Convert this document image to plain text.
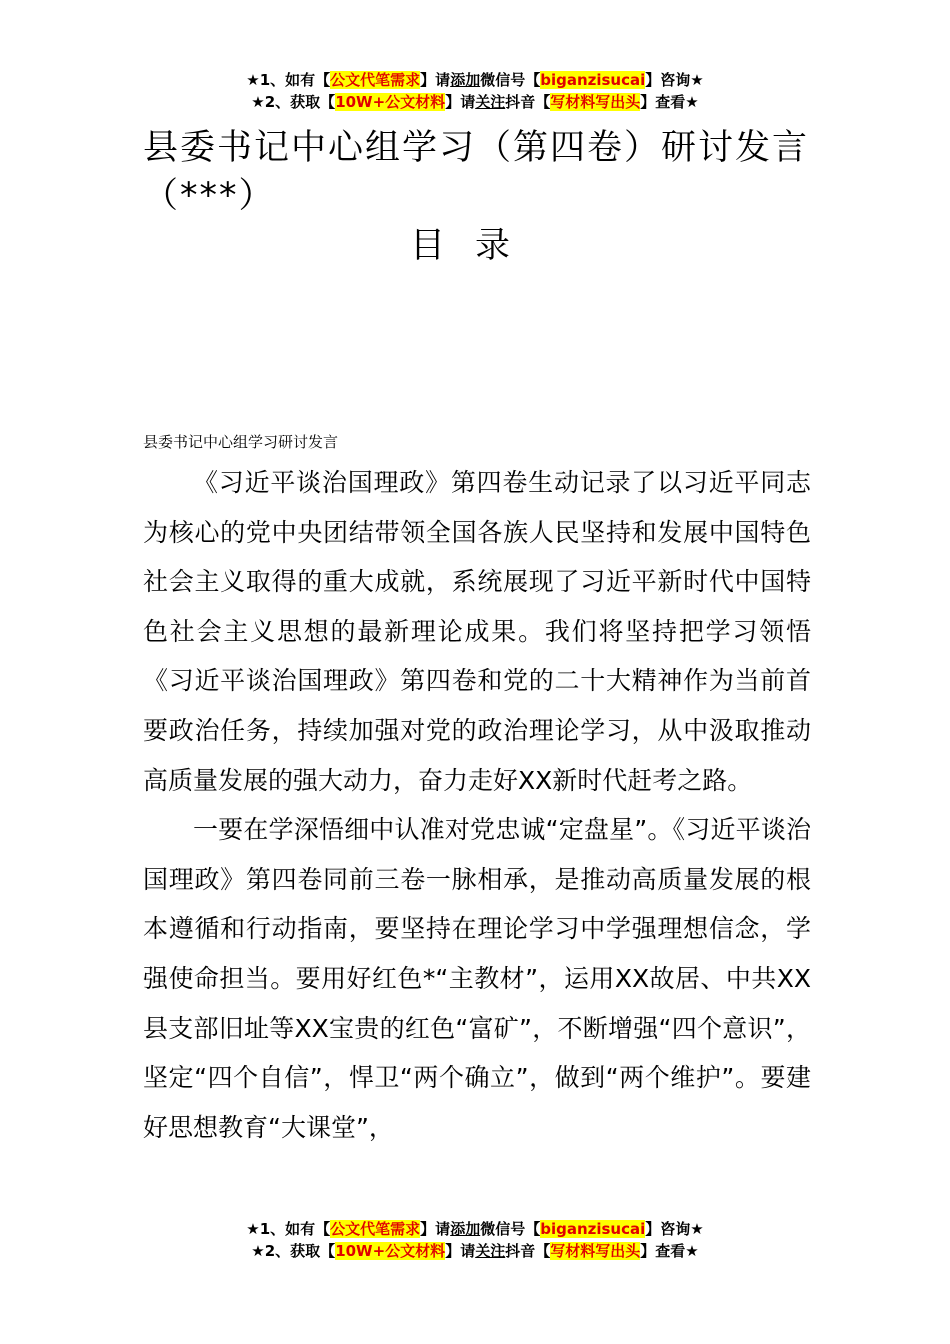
★1、如有【公文代笔需求】请添加微信号【biganzisucai】咨询★
★2、获取【10W+公文材料】请关注抖音【写材料写出头】查看★
县委书记中心组学习（第四卷）研讨发言（***）
目录
县委书记中心组学习研讨发言

《习近平谈治国理政》第四卷生动记录了以习近平同志为核心的党中央团结带领全国各族人民坚持和发展中国特色社会主义取得的重大成就，系统展现了习近平新时代中国特色社会主义思想的最新理论成果。我们将坚持把学习领悟《习近平谈治国理政》第四卷和党的二十大精神作为当前首要政治任务，持续加强对党的政治理论学习，从中汲取推动高质量发展的强大动力，奋力走好XX新时代赶考之路。

一要在学深悟细中认准对党忠诚“定盘星”。《习近平谈治国理政》第四卷同前三卷一脉相承，是推动高质量发展的根本遵循和行动指南，要坚持在理论学习中学强理想信念，学强使命担当。要用好红色*“主教材”，运用XX故居、中共XX县支部旧址等XX宝贵的红色“富矿”，不断增强“四个意识”，坚定“四个自信”，悍卫“两个确立”，做到“两个维护”。要建好思想教育“大课堂”，

★1、如有【公文代笔需求】请添加微信号【biganzisucai】咨询★
★2、获取【10W+公文材料】请关注抖音【写材料写出头】查看★
